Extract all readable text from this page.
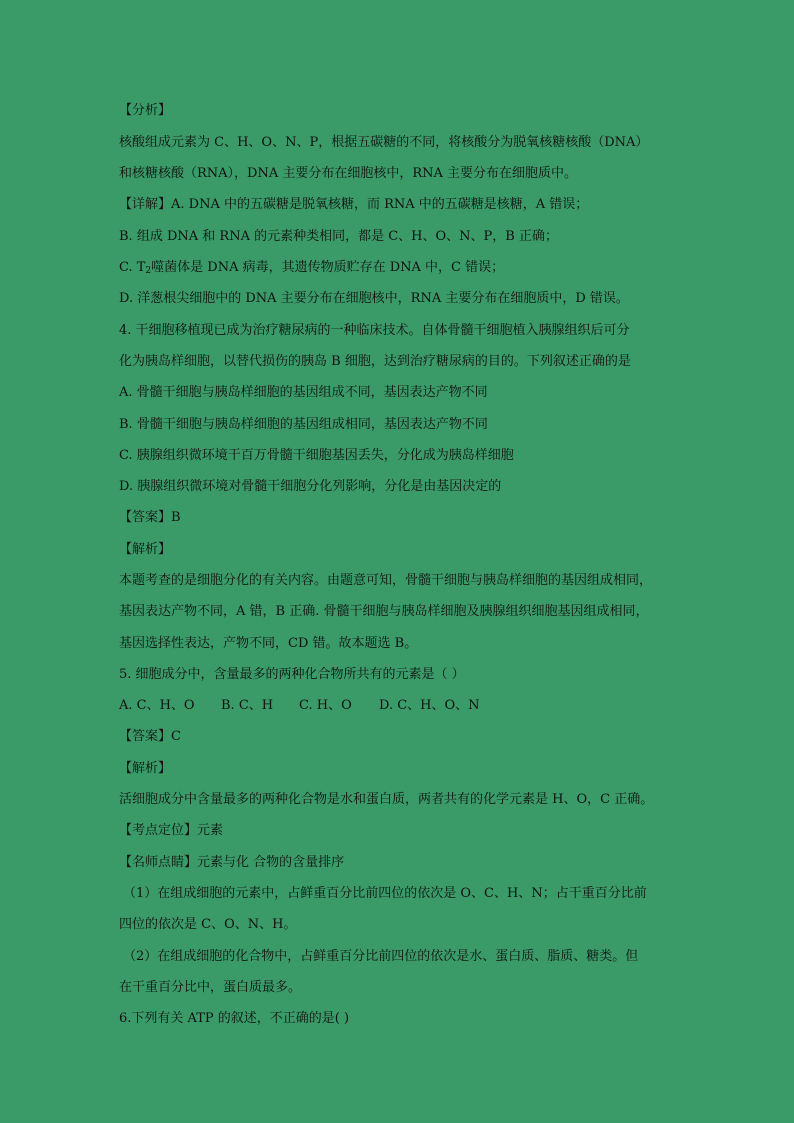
【分析】
核酸组成元素为 C、H、O、N、P，根据五碳糖的不同，将核酸分为脱氧核糖核酸（DNA）
和核糖核酸（RNA），DNA 主要分布在细胞核中，RNA 主要分布在细胞质中。
【详解】A. DNA 中的五碳糖是脱氧核糖，而 RNA 中的五碳糖是核糖，A 错误；
B. 组成 DNA 和 RNA 的元素种类相同，都是 C、H、O、N、P，B 正确；
C. $T_2$噬菌体是 DNA 病毒，其遗传物质贮存在 DNA 中，C 错误；
D. 洋葱根尖细胞中的 DNA 主要分布在细胞核中，RNA 主要分布在细胞质中，D 错误。
4. 干细胞移植现已成为治疗糖尿病的一种临床技术。自体骨髓干细胞植入胰腺组织后可分
化为胰岛样细胞，以替代损伤的胰岛 B 细胞，达到治疗糖尿病的目的。下列叙述正确的是
A. 骨髓干细胞与胰岛样细胞的基因组成不同，基因表达产物不同
B. 骨髓干细胞与胰岛样细胞的基因组成相同，基因表达产物不同
C. 胰腺组织微环境干百万骨髓干细胞基因丢失，分化成为胰岛样细胞
D. 胰腺组织微环境对骨髓干细胞分化列影响，分化是由基因决定的
【答案】B
【解析】
本题考查的是细胞分化的有关内容。由题意可知，骨髓干细胞与胰岛样细胞的基因组成相同，
基因表达产物不同，A 错，B 正确. 骨髓干细胞与胰岛样细胞及胰腺组织细胞基因组成相同，
基因选择性表达，产物不同，CD 错。故本题选 B。
5. 细胞成分中，含量最多的两种化合物所共有的元素是（ ）
A. C、H、O B. C、H C. H、O D. C、H、O、N
【答案】C
【解析】
活细胞成分中含量最多的两种化合物是水和蛋白质，两者共有的化学元素是 H、O，C 正确。
【考点定位】元素
【名师点睛】元素与化 合物的含量排序
（1）在组成细胞的元素中，占鲜重百分比前四位的依次是 O、C、H、N；占干重百分比前
四位的依次是 C、O、N、H。
（2）在组成细胞的化合物中，占鲜重百分比前四位的依次是水、蛋白质、脂质、糖类。但
在干重百分比中，蛋白质最多。
6.下列有关 ATP 的叙述，不正确的是( )
